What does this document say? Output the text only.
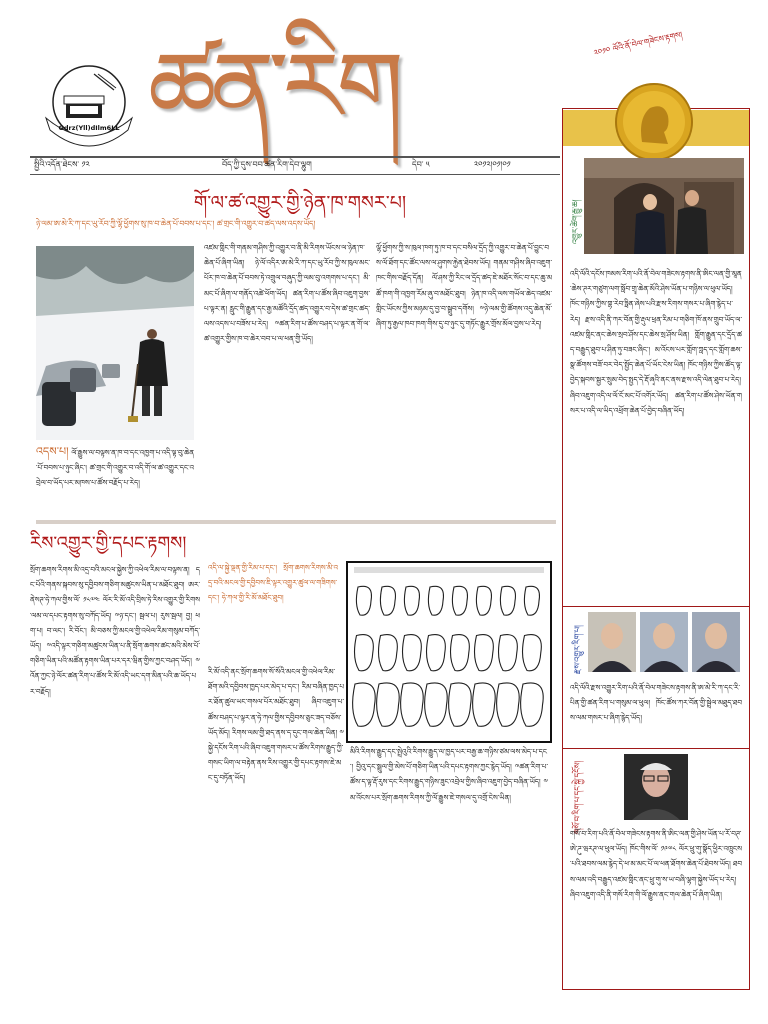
Gdrz(Yll)dIlm6LL ཚན་རིག
སྤྱིའི་འདོན་ཐེངས་ ༡༢	བོད་ཀྱི་དུས་བབ་ཚན་རིག་དེབ་ལྷུག	དེབ་ ༥	༢༠༡༢།༠༡།༠༡
གོ་ལ་ཚ་འགྱུར་གྱི་ཉེན་ཁ་གསར་པ།
ཉེ་ལམ་ཨ་མེ་རི་ཀ་དང་ཡུ་རོབ་ཀྱི་ལྷོ་ཕྱོགས་སུ་ཁ་བ་ཆེན་པོ་བབས་པ་དང་། ཚ་གྲང་གི་འགྱུར་བ་ཚད་ལས་འདས་ཡོད།
འདས་པ། ལོ་རྒྱུས་ལ་བལྟས་ན་ཁ་བ་དང་འཁྱག་པ་འདི་ལྟ་བུ་ཆེན་པོ་བབས་པ་ཉུང་ཞིང་། ཚ་གྲང་གི་འགྱུར་བ་འདི་གོ་ལ་ཚ་འགྱུར་དང་འབྲེལ་བ་ཡོད་པར་མཁས་པ་ཚོས་བརྗོད་པ་རེད།
འཛམ་གླིང་གི་གནམ་གཤིས་ཀྱི་འགྱུར་བ་ནི་མི་རིགས་ཡོངས་ལ་ཉེན་ཁ་ཆེན་པོ་ཞིག་ཡིན། ཉེ་ལོ་འདིར་ཨ་མེ་རི་ཀ་དང་ཡུ་རོབ་ཀྱི་ས་ཁུལ་མང་པོར་ཁ་བ་ཆེན་པོ་བབས་ཏེ་འགྲུལ་བཞུད་ཀྱི་ལམ་བུ་འགགས་པ་དང་། མི་མང་པོ་ཞིག་ལ་གནོད་འཚེ་ཕོག་ཡོད། ཚན་རིག་པ་ཚོས་ཞིབ་འཇུག་བྱས་པ་ལྟར་ན། རླུང་གི་རྒྱུན་དང་རྒྱ་མཚོའི་དྲོད་ཚད་འགྱུར་བ་དེས་ཚ་གྲང་ཚད་ལས་འདས་པ་བཟོས་པ་རེད། ༸ཚན་རིག་པ་ཚོས་བཤད་པ་ལྟར་ན་གོ་ལ་ཚ་འགྱུར་གྱིས་ཁ་བ་ཆེར་བབ་པ་ལ་ཕན་གྱི་ཡོད།
ལྷོ་ཕྱོགས་ཀྱི་ས་ཁུལ་ཁག་ཏུ་ཁ་བ་དང་བསིལ་དྲོད་ཀྱི་འགྱུར་བ་ཆེན་པོ་བྱུང་བས་ལོ་ཐོག་དང་ཚོང་ལས་ལ་ཤུགས་རྐྱེན་ཐེབས་ཡོད། གནམ་གཤིས་ཞིབ་འཇུག་ཁང་གིས་བརྗོད་དོན། ལོ་ཤས་ཀྱི་རིང་ལ་དྲོད་ཚད་ཇེ་མཐོར་སོང་བ་དང་ཆུ་མཚོ་ཁག་གི་འཁྱག་རོམ་ཞུ་བ་མཐོང་ཐུབ། ཉེན་ཁ་འདི་ལས་གཡོལ་ཆེད་འཛམ་གླིང་ཡོངས་ཀྱིས་མཉམ་དུ་བྱ་བ་སྒྲུབ་དགོས། ༸ཉེ་ལམ་གྱི་ཚོགས་འདུ་ཆེན་མོ་ཞིག་ཏུ་རྒྱལ་ཁབ་ཁག་གིས་དུ་བ་ཉུང་དུ་གཏོང་རྒྱུར་གྲོས་མོལ་བྱས་པ་རེད།
རིས་འགྱུར་གྱི་དཔང་རྟགས།
སྲོག་ཆགས་རིགས་མི་འདྲ་བའི་མངལ་སྐྱེས་ཀྱི་འཕེལ་རིམ་ལ་བལྟས་ན། དང་པོའི་གནས་སྐབས་སུ་དབྱིབས་གཅིག་མཚུངས་ཡིན་པ་མཐོང་ཐུབ། ཨར་ནེསཊ་ཧེ་ཀལ་གྱིས་ལོ་ ༡༨༧༤ ལོར་རི་མོ་འདི་བྲིས་ཏེ་རིས་འགྱུར་གྱི་རིགས་ལམ་ལ་དཔང་རྟགས་སུ་བཀོད་ཡོད། ༸ཉ་དང་། སྦལ་པ། རུས་སྦལ། བྱ། ཕག་པ། བ་ལང་། རི་བོང་། མི་བཅས་ཀྱི་མངལ་གྱི་འཕེལ་རིམ་གསུམ་བཀོད་ཡོད། ༸འདི་ལྟར་གཅིག་མཚུངས་ཡིན་པ་ནི་སྲོག་ཆགས་ཚང་མའི་མེས་པོ་གཅིག་ཡིན་པའི་མཚོན་རྟགས་ཡིན་པར་དར་ཝིན་གྱིས་ཀྱང་བཤད་ཡོད། ༸འོན་ཀྱང་ཉེ་ལོར་ཚན་རིག་པ་ཚོས་རི་མོ་འདི་ཡང་དག་མིན་པའི་ཆ་ཡོད་པར་བརྗོད།
འདི་ལ་སྐྱེ་ལྡན་གྱི་རིམ་པ་དང་། སྲོག་ཆགས་རིགས་མི་འདྲ་བའི་མངལ་གྱི་དབྱིབས་ཇི་ལྟར་འགྱུར་ཚུལ་ལ་གཟིགས་དང་། ཧེ་ཀལ་གྱི་རི་མོ་མཐོང་ཐུབ།
རི་མོ་འདི་ནང་སྲོག་ཆགས་སོ་སོའི་མངལ་གྱི་འཕེལ་རིམ་ཐོག་མའི་དབྱིབས་ཁྱད་པར་མེད་པ་དང་། རིམ་བཞིན་ཁྱད་པར་ཐོན་ཚུལ་ཡང་གསལ་པོར་མཐོང་ཐུབ། ཞིབ་འཇུག་པ་ཚོས་བཤད་པ་ལྟར་ན་ཧེ་ཀལ་གྱིས་དབྱིབས་ཅུང་ཟད་བཅོས་ཡོད་མོད། རིགས་ལམ་གྱི་ཐད་ནས་ད་དུང་གལ་ཆེན་ཡིན། ༸སྐྱེ་དངོས་རིག་པའི་ཞིབ་འཇུག་གསར་པ་ཚོས་རིགས་རྒྱུད་ཀྱི་གསང་ཡིག་ལ་བརྟེན་ནས་རིས་འགྱུར་གྱི་དཔང་རྟགས་ཇེ་མང་དུ་བཏོན་ཡོད།
མིའི་རིགས་རྒྱུད་དང་སྤྲེའུའི་རིགས་རྒྱུད་ལ་ཁྱད་པར་བརྒྱ་ཆ་གཉིས་ཙམ་ལས་མེད་པ་དང་། བྱིའུ་དང་སྦྲུལ་གྱི་མེས་པོ་གཅིག་ཡིན་པའི་དཔང་རྟགས་ཀྱང་རྙེད་ཡོད། ༸ཚན་རིག་པ་ཚོས་ད་ལྟ་རྡོ་རུས་དང་རིགས་རྒྱུད་གཉིས་ཟུང་འབྲེལ་གྱིས་ཞིབ་འཇུག་བྱེད་བཞིན་ཡོད། ༸མ་འོངས་པར་སྲོག་ཆགས་རིགས་ཀྱི་ལོ་རྒྱུས་ཇེ་གསལ་དུ་འགྲོ་ངེས་ཡིན།
༢༠༡༠ ལོའི་ནོ་བེལ་གཟེངས་རྟགས།
འགྱུར་ཚེག་རྒྱུ་ཆ།
འདི་ལོའི་དངོས་ཁམས་རིག་པའི་ནོ་བེལ་གཟེངས་རྟགས་ནི་ཨིང་ལན་གྱི་མཱན་ཆེས་ཊར་གཙུག་ལག་སློབ་གྲྭ་ཆེན་མོའི་ཤེས་ཡོན་པ་གཉིས་ལ་ཕུལ་ཡོད། ཁོང་གཉིས་ཀྱིས་གྷ་རེབ་ཧྥིན་ཞེས་པའི་རྫས་རིགས་གསར་པ་ཞིག་རྙེད་པ་རེད། རྫས་འདི་ནི་ཀར་བོན་གྱི་རྡུལ་ཕྲན་རིམ་པ་གཅིག་ཁོ་ནས་གྲུབ་ཡོད་ལ་འཛམ་གླིང་ནང་ཆེས་སྲབ་ཤོས་དང་ཆེས་སྲ་ཤོས་ཡིན། གློག་རྒྱུན་དང་དྲོད་ཚད་བརྒྱུད་ཐུབ་པ་ཤིན་ཏུ་བཟང་ཞིང་། མ་འོངས་པར་གློག་ཀླད་དང་གློག་ཆས་སྣ་ཚོགས་བཟོ་བར་བེད་སྤྱོད་ཆེན་པོ་ཡོང་ངེས་ཡིན། ཁོང་གཉིས་ཀྱིས་ཚོད་ལྟ་བྱེད་སྐབས་སྦྱར་སྲུམ་བེད་སྤྱད་དེ་རྡོ་ཞྭའི་ནང་ནས་རྫས་འདི་ལེན་ཐུབ་པ་རེད། ཞིབ་འཇུག་འདི་ལ་ལོ་ངོ་མང་པོ་འགོར་ཡོད། ཚན་རིག་པ་ཚོས་ཤེས་ཡོན་གསར་པ་འདི་ལ་ཡིད་འཕྲོག་ཆེན་པོ་བྱེད་བཞིན་ཡོད།
རྫས་འགྱུར་རིག་པ།
འདི་ལོའི་རྫས་འགྱུར་རིག་པའི་ནོ་བེལ་གཟེངས་རྟགས་ནི་ཨ་མེ་རི་ཀ་དང་རི་པིན་གྱི་ཚན་རིག་པ་གསུམ་ལ་ཕུལ། ཁོང་ཚོས་ཀར་བོན་གྱི་སྦྲེལ་མཐུད་ཐབས་ལམ་གསར་པ་ཞིག་རྙེད་ཡོད།
གསོ་བ་རིག་པ་དང་སྐྱེ་དངོས།
གསོ་བ་རིག་པའི་ནོ་བེལ་གཟེངས་རྟགས་ནི་ཨིང་ལན་གྱི་ཤེས་ཡོན་པ་རོ་བཊ་ཨེ་ཌུ་ཝརཊ་ལ་ཕུལ་ཡོད། ཁོང་གིས་ལོ་ ༡༩༧༨ ལོར་ཕྲུ་གུ་སྣོད་ཕྱིར་འཁྲུངས་པའི་ཐབས་ལམ་རྙེད་དེ་ཕ་མ་མང་པོ་ལ་ཕན་ཐོགས་ཆེན་པོ་ཐེབས་ཡོད། ཐབས་ལམ་འདི་བརྒྱུད་འཛམ་གླིང་ནང་ཕྲུ་གུ་ས་ཡ་བཞི་ལྷག་སྐྱེས་ཡོད་པ་རེད། ཞིབ་འཇུག་འདི་ནི་གསོ་རིག་གི་ལོ་རྒྱུས་ནང་གལ་ཆེན་པོ་ཞིག་ཡིན།
